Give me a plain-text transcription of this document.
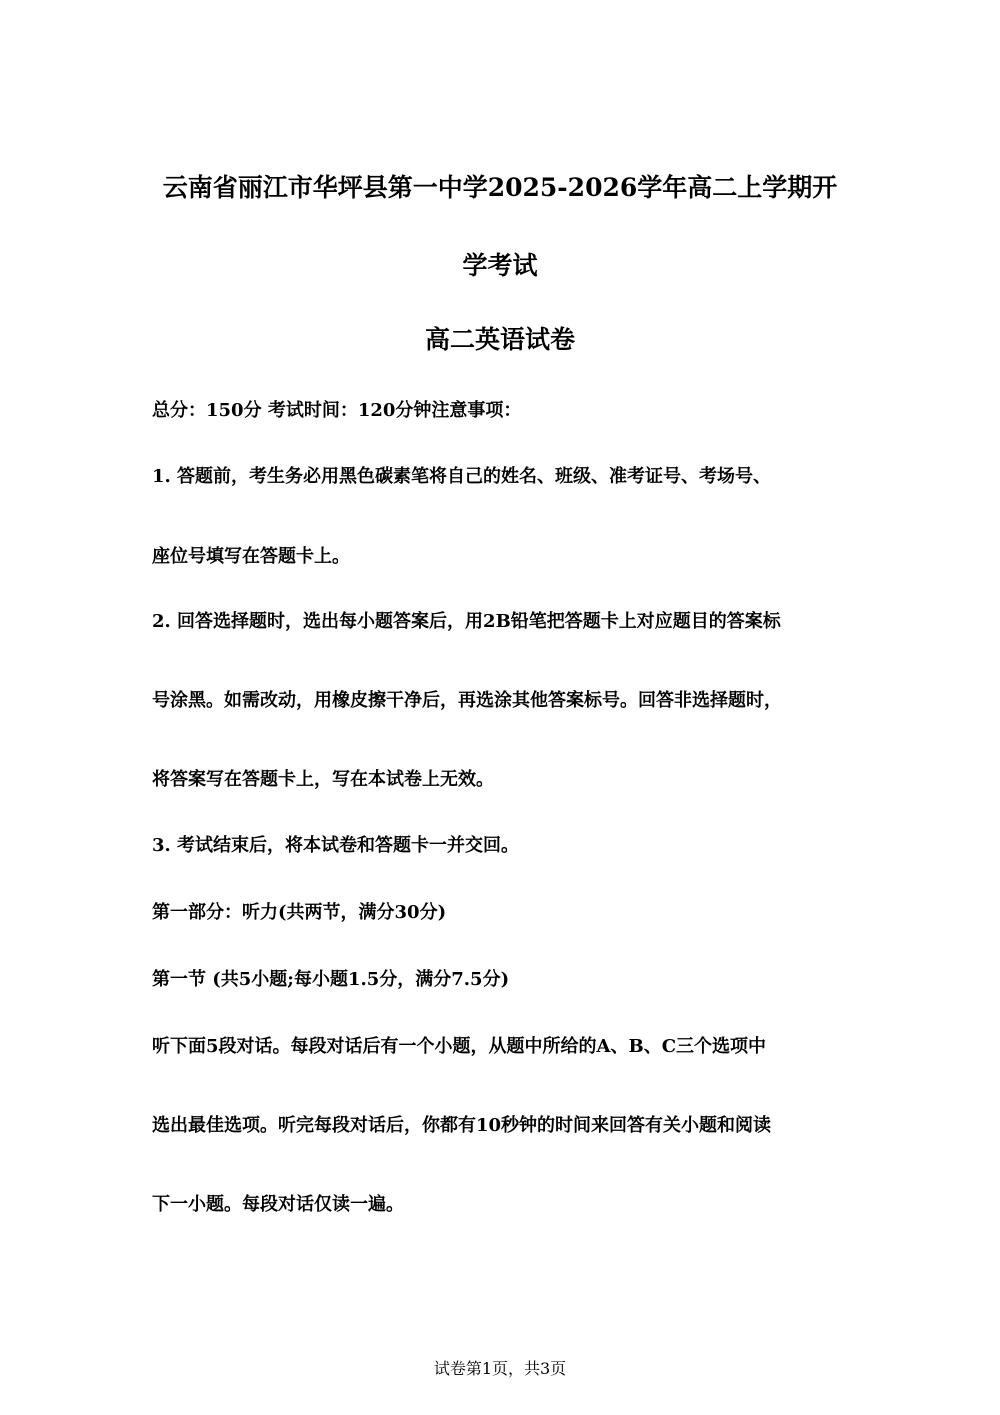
云南省丽江市华坪县第一中学2025-2026学年高二上学期开
学考试
高二英语试卷
总分：150分 考试时间：120分钟注意事项：
1. 答题前，考生务必用黑色碳素笔将自己的姓名、班级、准考证号、考场号、
座位号填写在答题卡上。
2. 回答选择题时，选出每小题答案后，用2B铅笔把答题卡上对应题目的答案标
号涂黑。如需改动，用橡皮擦干净后，再选涂其他答案标号。回答非选择题时，
将答案写在答题卡上，写在本试卷上无效。
3. 考试结束后，将本试卷和答题卡一并交回。
第一部分：听力(共两节，满分30分)
第一节 (共5小题;每小题1.5分，满分7.5分)
听下面5段对话。每段对话后有一个小题，从题中所给的A、B、C三个选项中
选出最佳选项。听完每段对话后，你都有10秒钟的时间来回答有关小题和阅读
下一小题。每段对话仅读一遍。
试卷第1页，共3页
